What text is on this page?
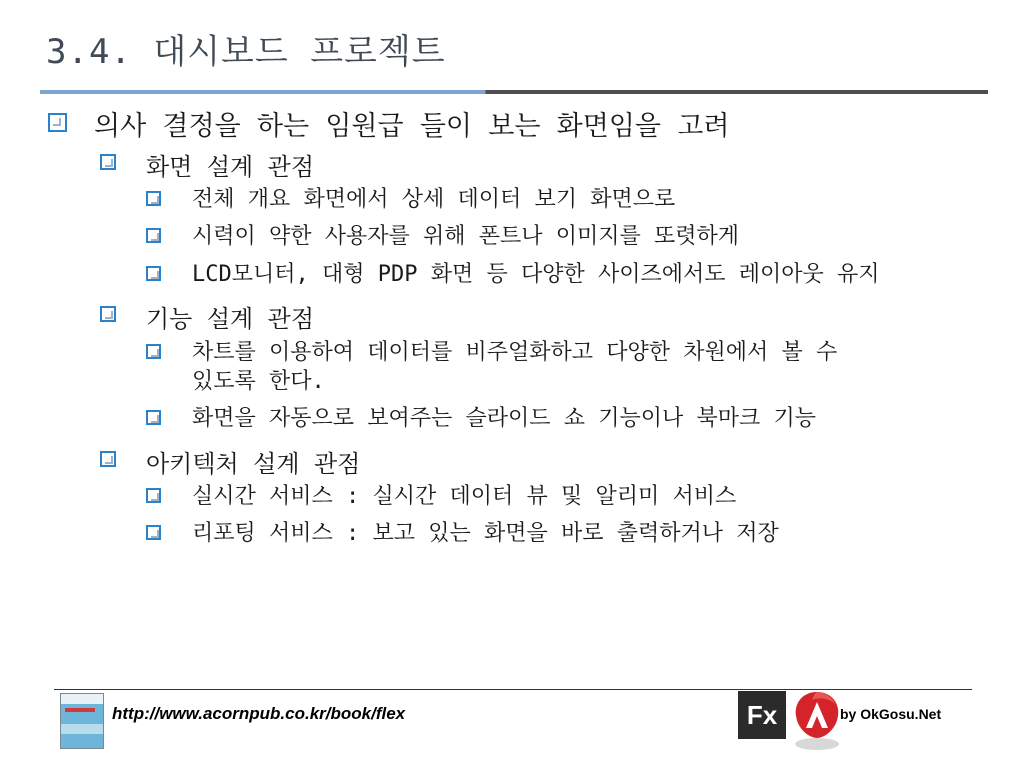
3.4. 대시보드 프로젝트
의사 결정을 하는 임원급 들이 보는 화면임을 고려
화면 설계 관점
전체 개요 화면에서 상세 데이터 보기 화면으로
시력이 약한 사용자를 위해 폰트나 이미지를 또렷하게
LCD모니터, 대형 PDP 화면 등 다양한 사이즈에서도 레이아웃 유지
기능 설계 관점
차트를 이용하여 데이터를 비주얼화하고 다양한 차원에서 볼 수
있도록 한다.
화면을 자동으로 보여주는 슬라이드 쇼 기능이나 북마크 기능
아키텍처 설계 관점
실시간 서비스 : 실시간 데이터 뷰 및 알리미 서비스
리포팅 서비스 : 보고 있는 화면을 바로 출력하거나 저장
http://www.acornpub.co.kr/book/flex	Fx	by OkGosu.Net
